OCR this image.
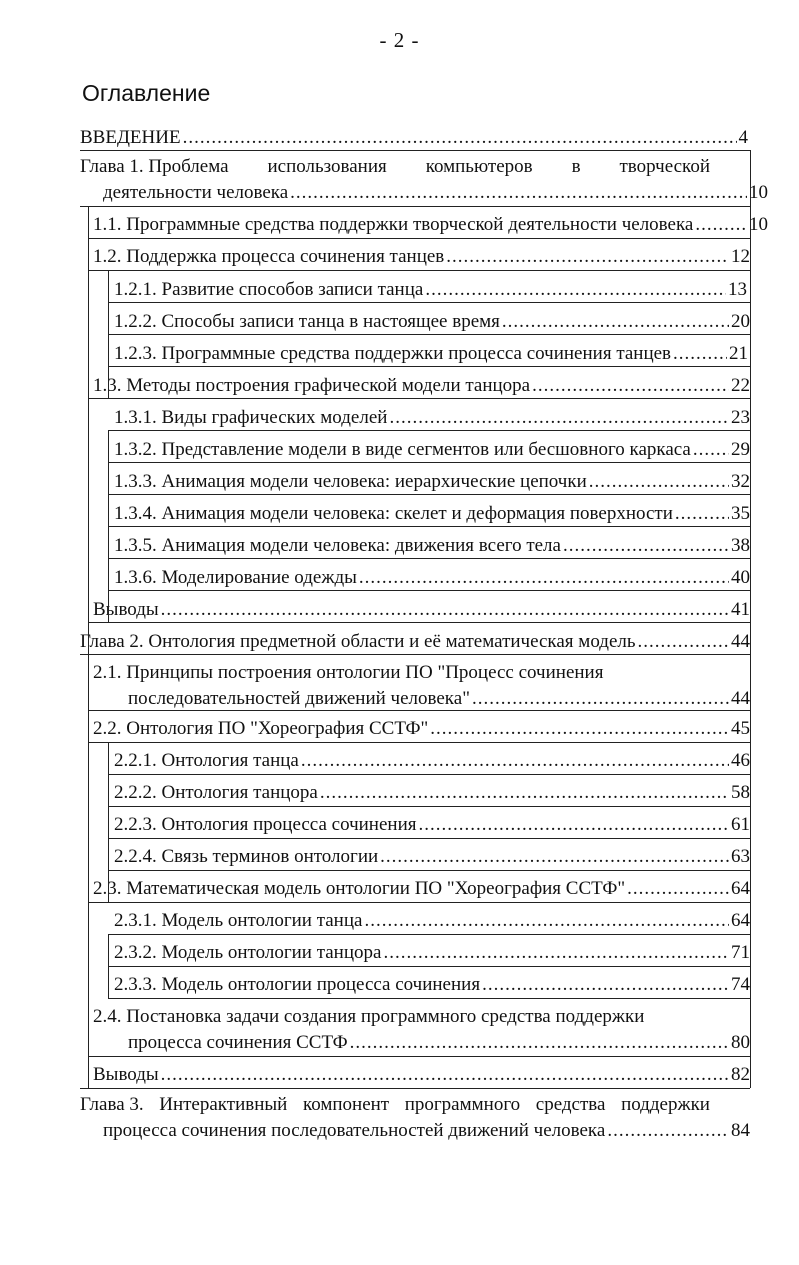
- 2 -
Оглавление
ВВЕДЕНИЕ .....	4
Глава 1. Проблема использования компьютеров в творческой
деятельности человека .....	10
1.1. Программные средства поддержки творческой деятельности человека .....	10
1.2. Поддержка процесса сочинения танцев .....	12
1.2.1. Развитие способов записи танца .....	13
1.2.2. Способы записи танца в настоящее время .....	20
1.2.3. Программные средства поддержки процесса сочинения танцев .....	21
1.3. Методы построения графической модели танцора .....	22
1.3.1. Виды графических моделей .....	23
1.3.2. Представление модели в виде сегментов или бесшовного каркаса ..... 29
1.3.3. Анимация модели человека: иерархические цепочки .....	32
1.3.4. Анимация модели человека: скелет и деформация поверхности .....	35
1.3.5. Анимация модели человека: движения всего тела .....	38
1.3.6. Моделирование одежды .....	40
Выводы .....	41
Глава 2. Онтология предметной области и её математическая модель .....	44
2.1. Принципы построения онтологии ПО "Процесс сочинения
последовательностей движений человека" .....	44
2.2. Онтология ПО "Хореография ССТФ" .....	45
2.2.1. Онтология танца .....	46
2.2.2. Онтология танцора .....	58
2.2.3. Онтология процесса сочинения .....	61
2.2.4. Связь терминов онтологии .....	63
2.3. Математическая модель онтологии ПО "Хореография ССТФ" .....	64
2.3.1. Модель онтологии танца .....	64
2.3.2. Модель онтологии танцора .....	71
2.3.3. Модель онтологии процесса сочинения .....	74
2.4. Постановка задачи создания программного средства поддержки
процесса сочинения ССТФ .....	80
Выводы .....	82
Глава 3. Интерактивный компонент программного средства поддержки
процесса сочинения последовательностей движений человека .....	84
